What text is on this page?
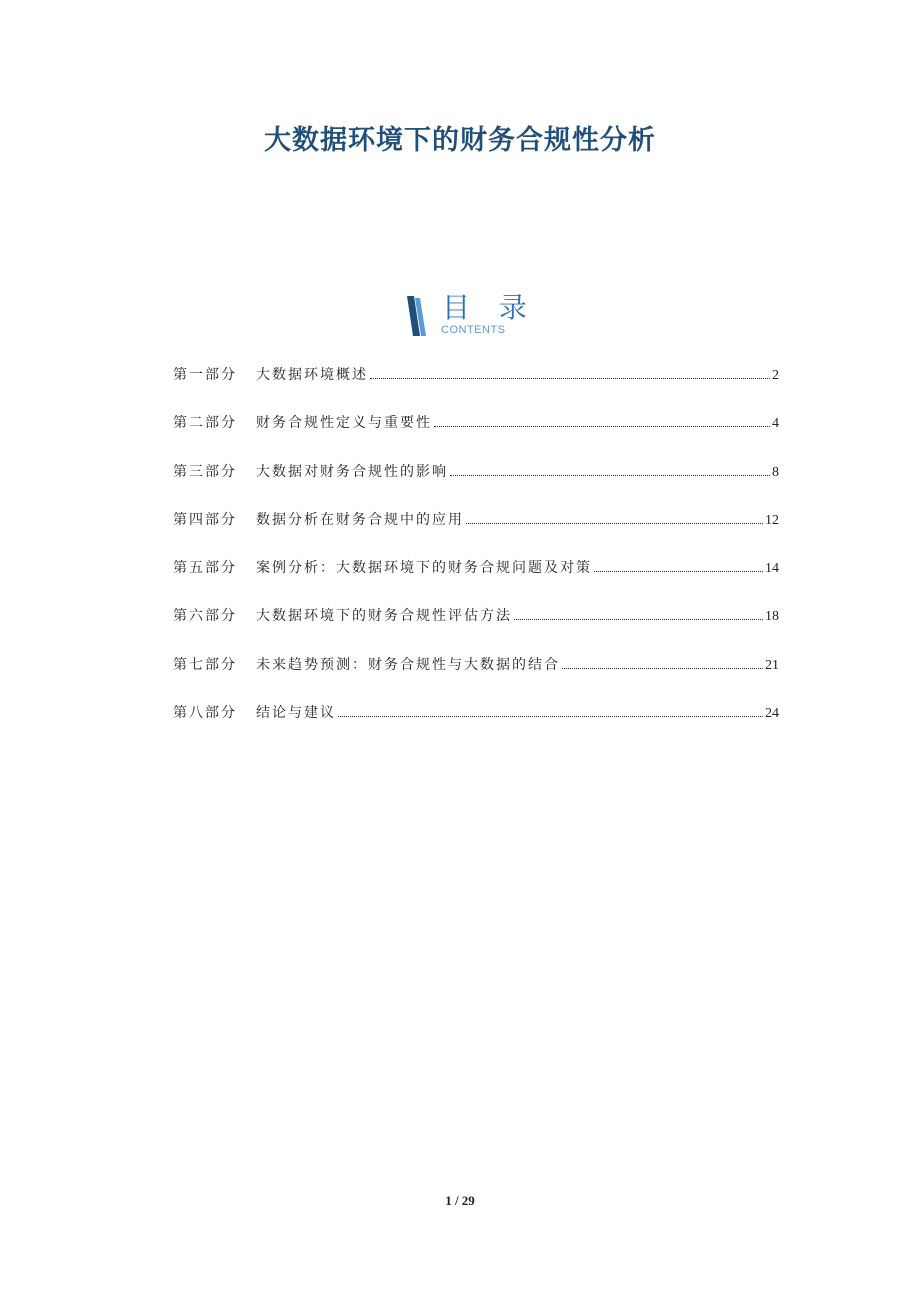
大数据环境下的财务合规性分析
目 录
CONTENTS
第一部分	大数据环境概述	2
第二部分	财务合规性定义与重要性	4
第三部分	大数据对财务合规性的影响	8
第四部分	数据分析在财务合规中的应用	12
第五部分	案例分析：大数据环境下的财务合规问题及对策	14
第六部分	大数据环境下的财务合规性评估方法	18
第七部分	未来趋势预测：财务合规性与大数据的结合	21
第八部分	结论与建议	24
1 / 29
